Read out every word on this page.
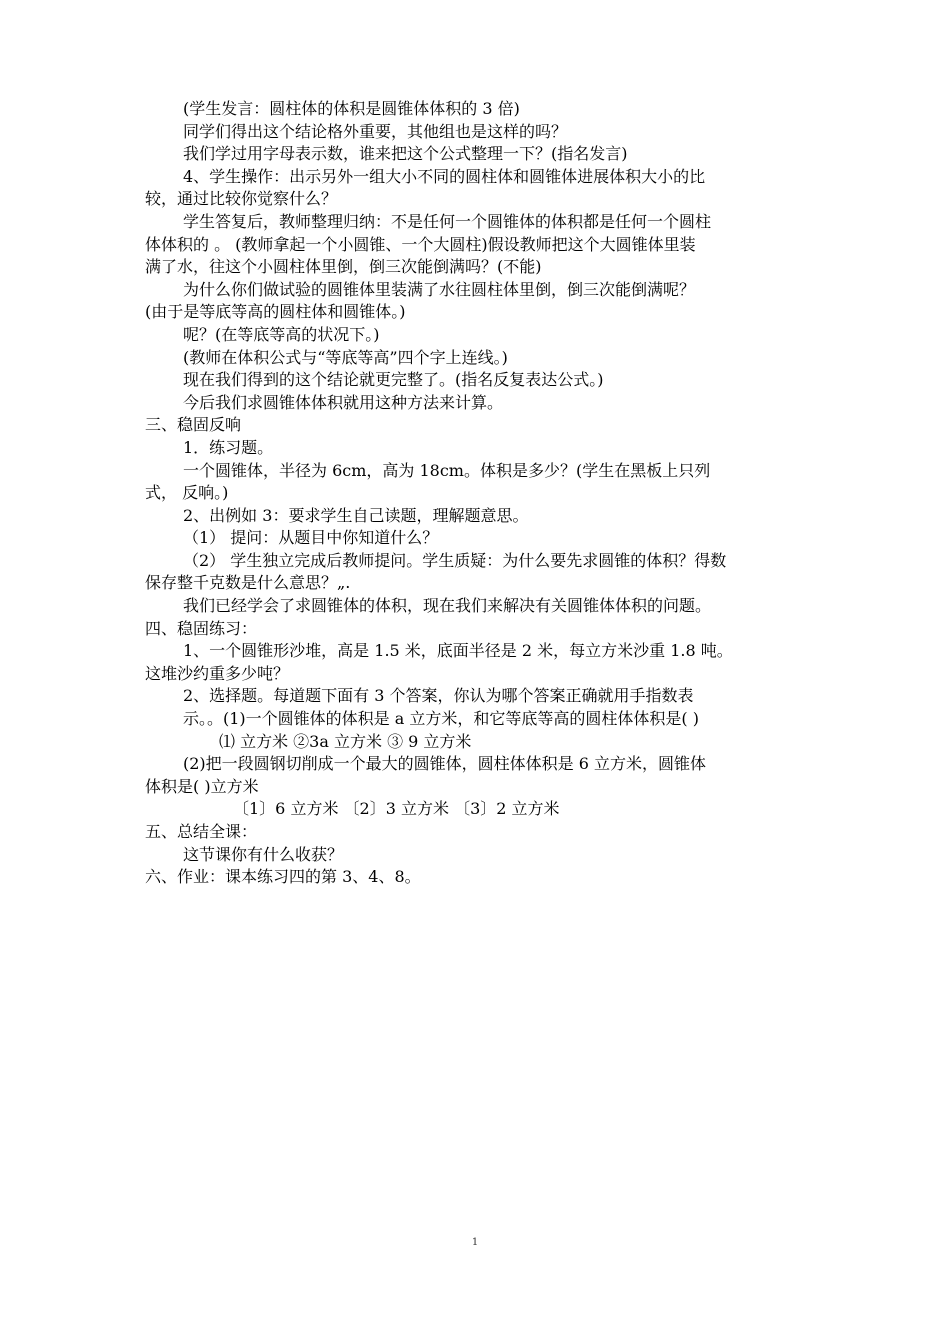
(学生发言：圆柱体的体积是圆锥体体积的 3 倍)
同学们得出这个结论格外重要，其他组也是这样的吗？
我们学过用字母表示数，谁来把这个公式整理一下？(指名发言)
4、学生操作：出示另外一组大小不同的圆柱体和圆锥体进展体积大小的比
较，通过比较你觉察什么？
学生答复后，教师整理归纳：不是任何一个圆锥体的体积都是任何一个圆柱
体体积的 。 (教师拿起一个小圆锥、一个大圆柱)假设教师把这个大圆锥体里装
满了水，往这个小圆柱体里倒，倒三次能倒满吗？(不能)
为什么你们做试验的圆锥体里装满了水往圆柱体里倒，倒三次能倒满呢？
(由于是等底等高的圆柱体和圆锥体。)
呢？(在等底等高的状况下。)
(教师在体积公式与“等底等高”四个字上连线。)
现在我们得到的这个结论就更完整了。(指名反复表达公式。)
今后我们求圆锥体体积就用这种方法来计算。
三、稳固反响
1．练习题。
一个圆锥体，半径为 6cm，高为 18cm。体积是多少？(学生在黑板上只列
式， 反响。)
2、出例如 3：要求学生自己读题，理解题意思。
（1） 提问：从题目中你知道什么？
（2） 学生独立完成后教师提问。学生质疑：为什么要先求圆锥的体积？得数
保存整千克数是什么意思？„.
我们已经学会了求圆锥体的体积，现在我们来解决有关圆锥体体积的问题。
四、稳固练习：
1、一个圆锥形沙堆，高是 1.5 米，底面半径是 2 米，每立方米沙重 1.8 吨。
这堆沙约重多少吨？
2、选择题。每道题下面有 3 个答案，你认为哪个答案正确就用手指数表
示。。(1)一个圆锥体的体积是 a 立方米，和它等底等高的圆柱体体积是( )
⑴ 立方米 ②3a 立方米 ③ 9 立方米
(2)把一段圆钢切削成一个最大的圆锥体，圆柱体体积是 6 立方米，圆锥体
体积是( )立方米
〔1〕6 立方米 〔2〕3 立方米 〔3〕2 立方米
五、总结全课：
这节课你有什么收获？
六、作业：课本练习四的第 3、4、8。
1
